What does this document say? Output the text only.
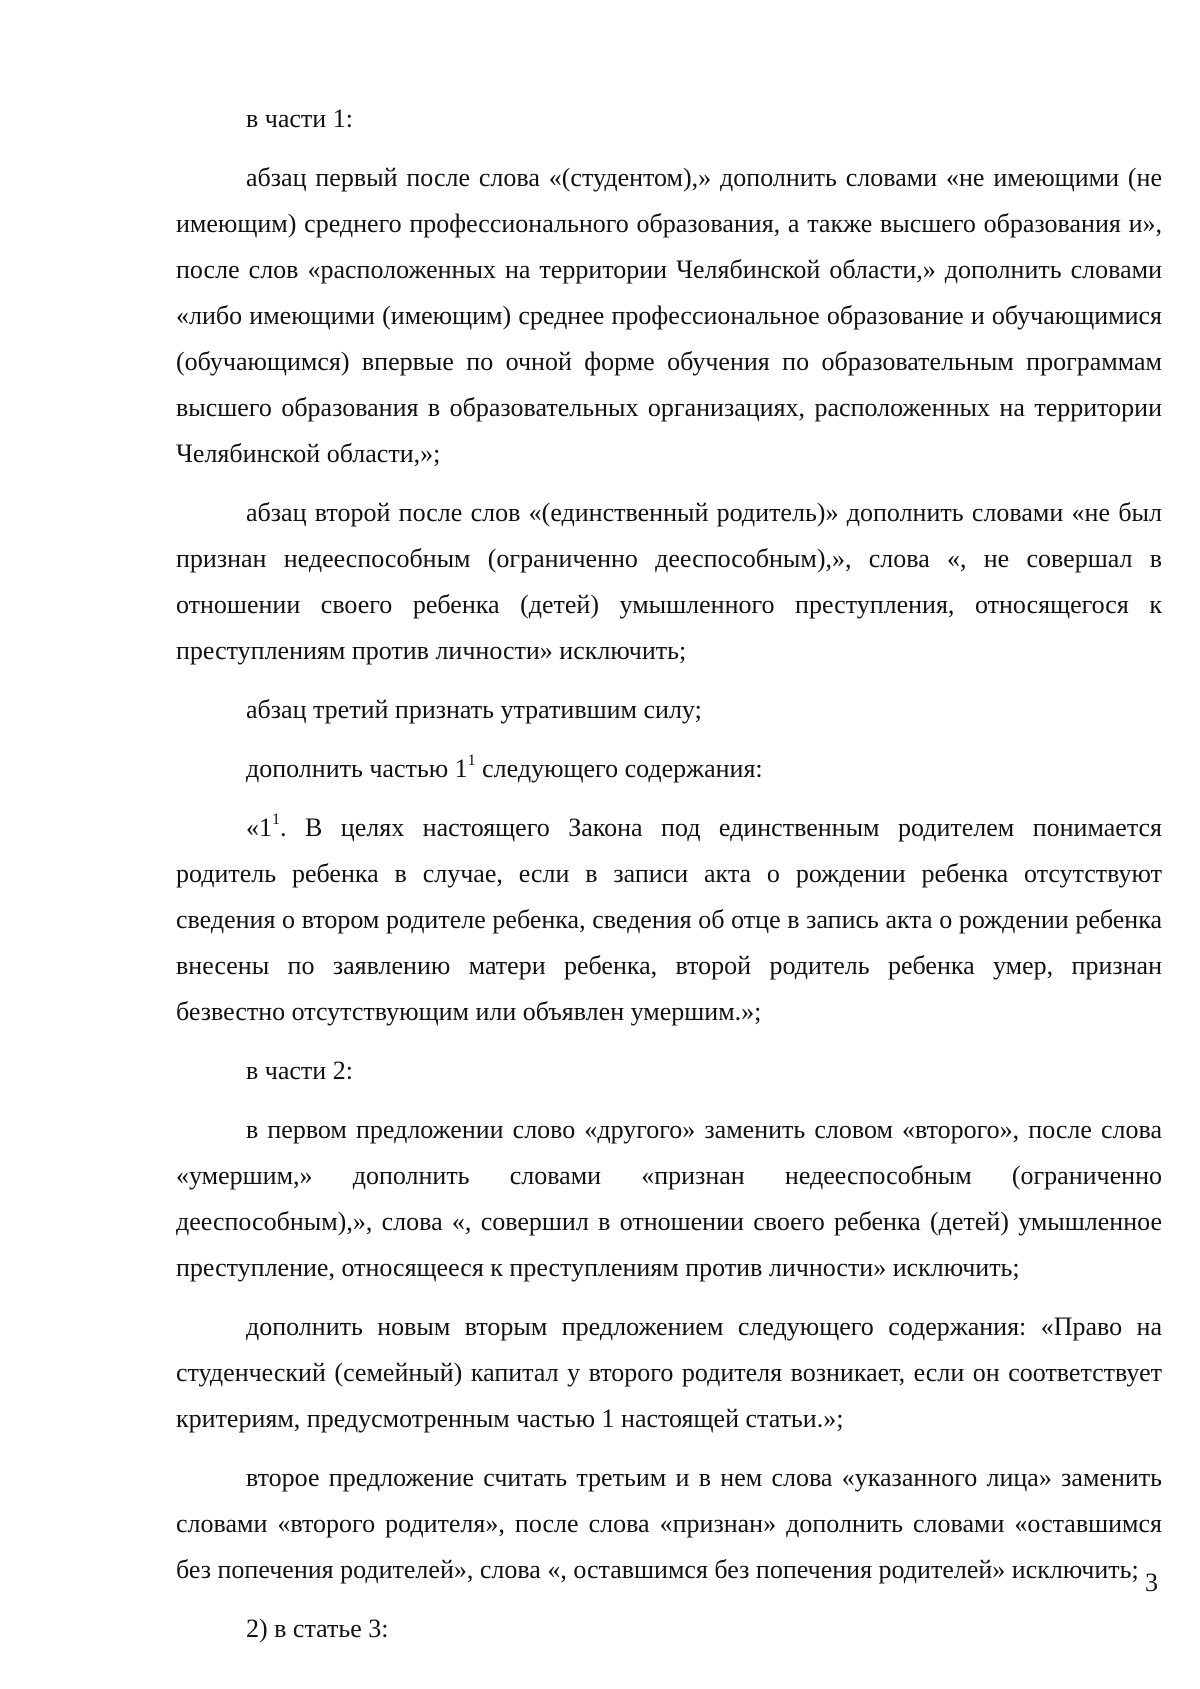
в части 1:

абзац первый после слова «(студентом),» дополнить словами «не имеющими (не имеющим) среднего профессионального образования, а также высшего образования и», после слов «расположенных на территории Челябинской области,» дополнить словами «либо имеющими (имеющим) среднее профессиональное образование и обучающимися (обучающимся) впервые по очной форме обучения по образовательным программам высшего образования в образовательных организациях, расположенных на территории Челябинской области,»;

абзац второй после слов «(единственный родитель)» дополнить словами «не был признан недееспособным (ограниченно дееспособным),», слова «, не совершал в отношении своего ребенка (детей) умышленного преступления, относящегося к преступлениям против личности» исключить;

абзац третий признать утратившим силу;

дополнить частью $1^1$ следующего содержания:

«$1^1$. В целях настоящего Закона под единственным родителем понимается родитель ребенка в случае, если в записи акта о рождении ребенка отсутствуют сведения о втором родителе ребенка, сведения об отце в запись акта о рождении ребенка внесены по заявлению матери ребенка, второй родитель ребенка умер, признан безвестно отсутствующим или объявлен умершим.»;

в части 2:

в первом предложении слово «другого» заменить словом «второго», после слова «умершим,» дополнить словами «признан недееспособным (ограниченно дееспособным),», слова «, совершил в отношении своего ребенка (детей) умышленное преступление, относящееся к преступлениям против личности» исключить;

дополнить новым вторым предложением следующего содержания: «Право на студенческий (семейный) капитал у второго родителя возникает, если он соответствует критериям, предусмотренным частью 1 настоящей статьи.»;

второе предложение считать третьим и в нем слова «указанного лица» заменить словами «второго родителя», после слова «признан» дополнить словами «оставшимся без попечения родителей», слова «, оставшимся без попечения родителей» исключить;

2) в статье 3:

3
